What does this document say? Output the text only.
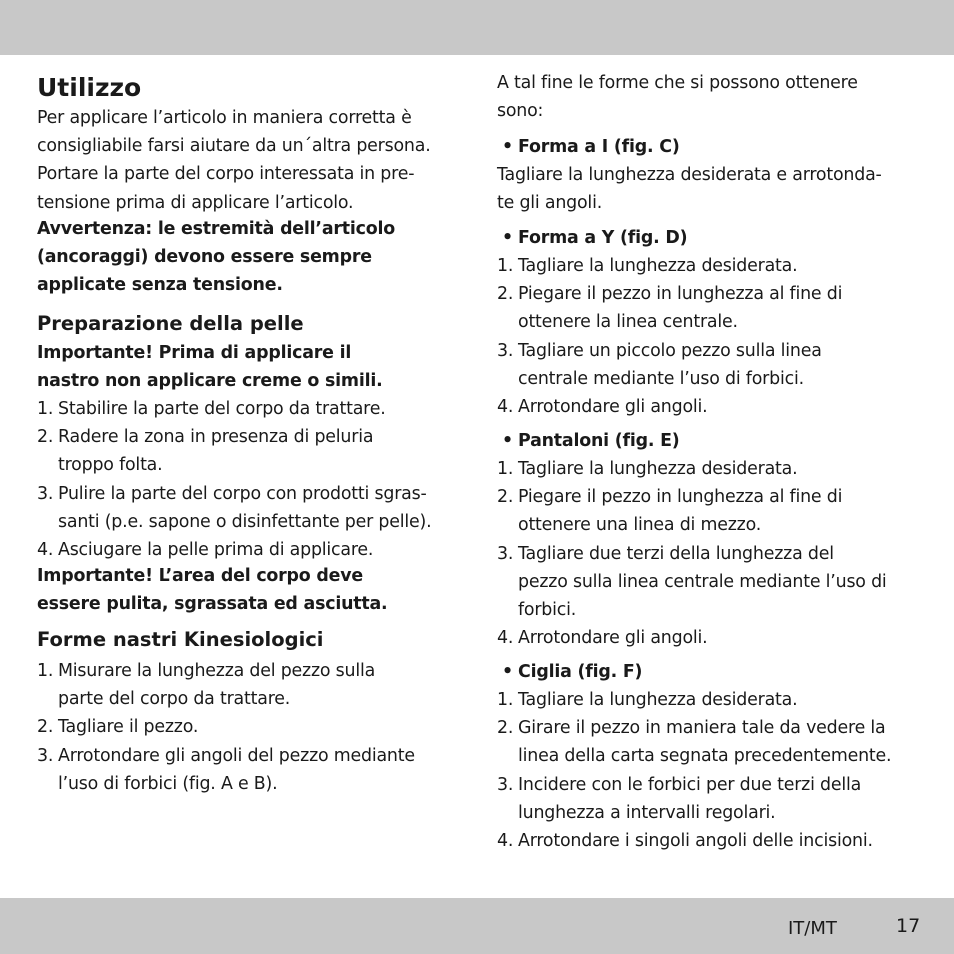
Utilizzo

Per applicare l’articolo in maniera corretta è
consigliabile farsi aiutare da un´altra persona.
Portare la parte del corpo interessata in pre-
tensione prima di applicare l’articolo.

Avvertenza: le estremità dell’articolo
(ancoraggi) devono essere sempre
applicate senza tensione.

Preparazione della pelle

Importante! Prima di applicare il
nastro non applicare creme o simili.

1. Stabilire la parte del corpo da trattare.
2. Radere la zona in presenza di peluria
troppo folta.
3. Pulire la parte del corpo con prodotti sgras-
santi (p.e. sapone o disinfettante per pelle).
4. Asciugare la pelle prima di applicare.

Importante! L’area del corpo deve
essere pulita, sgrassata ed asciutta.

Forme nastri Kinesiologici
1. Misurare la lunghezza del pezzo sulla
parte del corpo da trattare.
2. Tagliare il pezzo.
3. Arrotondare gli angoli del pezzo mediante
l’uso di forbici (fig. A e B).

A tal fine le forme che si possono ottenere
sono:

• Forma a I (fig. C)

Tagliare la lunghezza desiderata e arrotonda-
te gli angoli.

• Forma a Y (fig. D)
1. Tagliare la lunghezza desiderata.
2. Piegare il pezzo in lunghezza al fine di
ottenere la linea centrale.
3. Tagliare un piccolo pezzo sulla linea
centrale mediante l’uso di forbici.
4. Arrotondare gli angoli.
• Pantaloni (fig. E)
1. Tagliare la lunghezza desiderata.
2. Piegare il pezzo in lunghezza al fine di
ottenere una linea di mezzo.
3. Tagliare due terzi della lunghezza del
pezzo sulla linea centrale mediante l’uso di
forbici.
4. Arrotondare gli angoli.
• Ciglia (fig. F)
1. Tagliare la lunghezza desiderata.
2. Girare il pezzo in maniera tale da vedere la
linea della carta segnata precedentemente.
3. Incidere con le forbici per due terzi della
lunghezza a intervalli regolari.
4. Arrotondare i singoli angoli delle incisioni.
IT/MT	17
